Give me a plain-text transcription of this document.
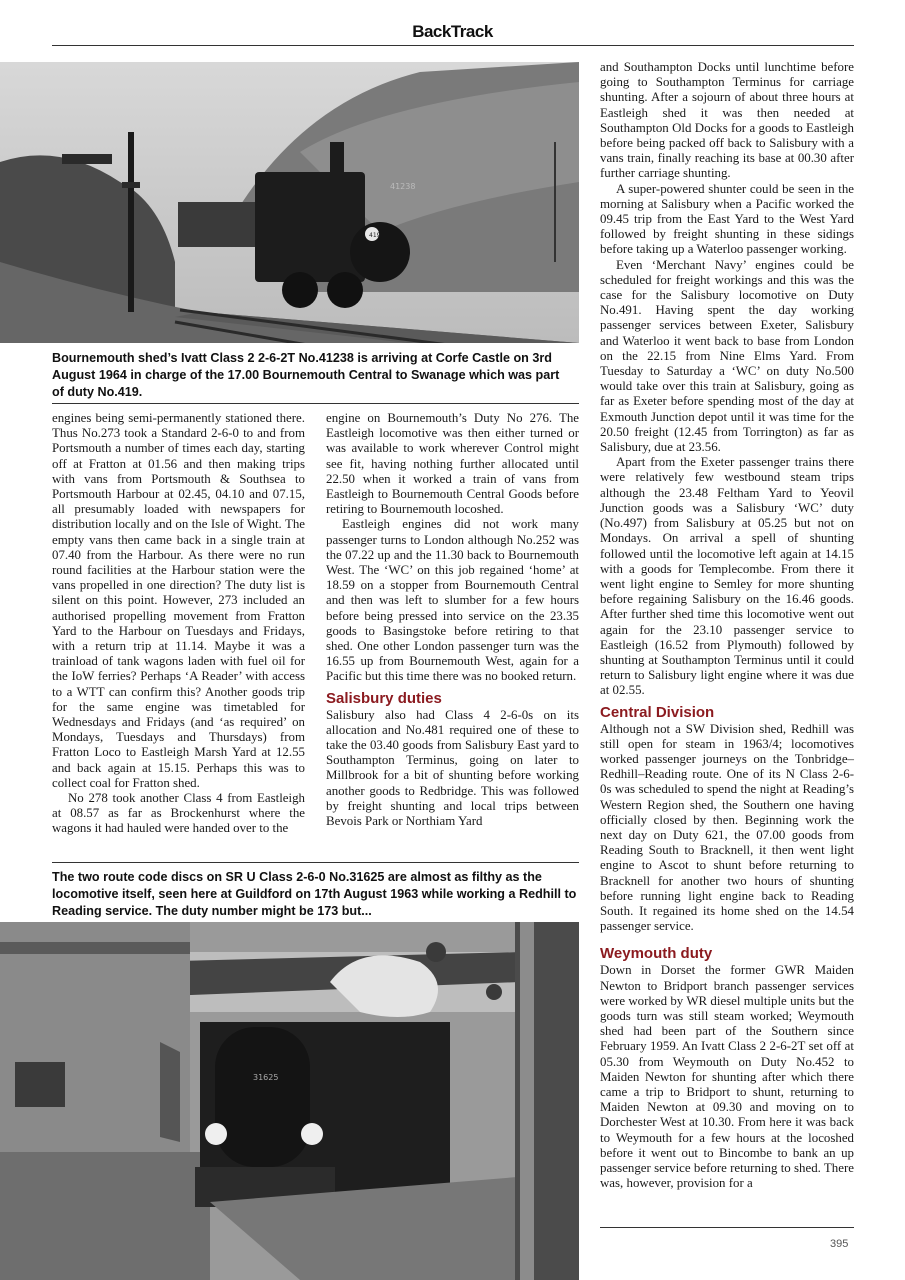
BackTrack
41238
419
Bournemouth shed’s Ivatt Class 2 2-6-2T No.41238 is arriving at Corfe Castle on 3rd August 1964 in charge of the 17.00 Bournemouth Central to Swanage which was part of duty No.419.

engines being semi-permanently stationed there. Thus No.273 took a Standard 2-6-0 to and from Portsmouth a number of times each day, starting off at Fratton at 01.56 and then making trips with vans from Portsmouth & Southsea to Portsmouth Harbour at 02.45, 04.10 and 07.15, all presumably loaded with newspapers for distribution locally and on the Isle of Wight. The empty vans then came back in a single train at 07.40 from the Harbour. As there were no run round facilities at the Harbour station were the vans propelled in one direction? The duty list is silent on this point. However, 273 included an authorised propelling movement from Fratton Yard to the Harbour on Tuesdays and Fridays, with a return trip at 11.14. Maybe it was a trainload of tank wagons laden with fuel oil for the IoW ferries? Perhaps ‘A Reader’ with access to a WTT can confirm this? Another goods trip for the same engine was timetabled for Wednesdays and Fridays (and ‘as required’ on Mondays, Tuesdays and Thursdays) from Fratton Loco to Eastleigh Marsh Yard at 12.55 and back again at 15.15. Perhaps this was to collect coal for Fratton shed.

No 278 took another Class 4 from Eastleigh at 08.57 as far as Brockenhurst where the wagons it had hauled were handed over to the

engine on Bournemouth’s Duty No 276. The Eastleigh locomotive was then either turned or was available to work wherever Control might see fit, having nothing further allocated until 22.50 when it worked a train of vans from Eastleigh to Bournemouth Central Goods before retiring to Bournemouth locoshed.

Eastleigh engines did not work many passenger turns to London although No.252 was the 07.22 up and the 11.30 back to Bournemouth West. The ‘WC’ on this job regained ‘home’ at 18.59 on a stopper from Bournemouth Central and then was left to slumber for a few hours before being pressed into service on the 23.35 goods to Basingstoke before retiring to that shed. One other London passenger turn was the 16.55 up from Bournemouth West, again for a Pacific but this time there was no booked return.

Salisbury duties

Salisbury also had Class 4 2-6-0s on its allocation and No.481 required one of these to take the 03.40 goods from Salisbury East yard to Southampton Terminus, going on later to Millbrook for a bit of shunting before working another goods to Redbridge. This was followed by freight shunting and local trips between Bevois Park or Northiam Yard

The two route code discs on SR U Class 2-6-0 No.31625 are almost as filthy as the locomotive itself, seen here at Guildford on 17th August 1963 while working a Redhill to Reading service. The duty number might be 173 but...
31625

and Southampton Docks until lunchtime before going to Southampton Terminus for carriage shunting. After a sojourn of about three hours at Eastleigh shed it was then needed at Southampton Old Docks for a goods to Eastleigh before being packed off back to Salisbury with a vans train, finally reaching its base at 00.30 after further carriage shunting.

A super-powered shunter could be seen in the morning at Salisbury when a Pacific worked the 09.45 trip from the East Yard to the West Yard followed by freight shunting in these sidings before taking up a Waterloo passenger working.

Even ‘Merchant Navy’ engines could be scheduled for freight workings and this was the case for the Salisbury locomotive on Duty No.491. Having spent the day working passenger services between Exeter, Salisbury and Waterloo it went back to base from London on the 22.15 from Nine Elms Yard. From Tuesday to Saturday a ‘WC’ on duty No.500 would take over this train at Salisbury, going as far as Exeter before spending most of the day at Exmouth Junction depot until it was time for the 20.50 freight (12.45 from Torrington) as far as Salisbury, due at 23.56.

Apart from the Exeter passenger trains there were relatively few westbound steam trips although the 23.48 Feltham Yard to Yeovil Junction goods was a Salisbury ‘WC’ duty (No.497) from Salisbury at 05.25 but not on Mondays. On arrival a spell of shunting followed until the locomotive left again at 14.15 with a goods for Templecombe. From there it went light engine to Semley for more shunting before regaining Salisbury on the 16.46 goods. After further shed time this locomotive went out again for the 23.10 passenger service to Eastleigh (16.52 from Plymouth) followed by shunting at Southampton Terminus until it could return to Salisbury light engine where it was due at 02.55.

Central Division

Although not a SW Division shed, Redhill was still open for steam in 1963/4; locomotives worked passenger journeys on the Tonbridge–Redhill–Reading route. One of its N Class 2-6-0s was scheduled to spend the night at Reading’s Western Region shed, the Southern one having officially closed by then. Beginning work the next day on Duty 621, the 07.00 goods from Reading South to Bracknell, it then went light engine to Ascot to shunt before returning to Bracknell for another two hours of shunting before running light engine back to Reading South. It regained its home shed on the 14.54 passenger service.

Weymouth duty

Down in Dorset the former GWR Maiden Newton to Bridport branch passenger services were worked by WR diesel multiple units but the goods turn was still steam worked; Weymouth shed had been part of the Southern since February 1959. An Ivatt Class 2 2-6-2T set off at 05.30 from Weymouth on Duty No.452 to Maiden Newton for shunting after which there came a trip to Bridport to shunt, returning to Maiden Newton at 09.30 and moving on to Dorchester West at 10.30. From here it was back to Weymouth for a few hours at the locoshed before it went out to Bincombe to bank an up passenger service before returning to shed. There was, however, provision for a

395
